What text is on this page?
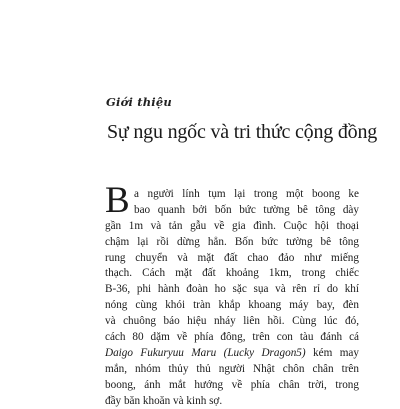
Giới thiệu
Sự ngu ngốc và tri thức cộng đồng
B a người lính tụm lại trong một boong ke
bao quanh bởi bốn bức tường bê tông dày
gần 1m và tản gẫu về gia đình. Cuộc hội thoại
chậm lại rồi dừng hẳn. Bốn bức tường bê tông
rung chuyển và mặt đất chao đảo như miếng
thạch. Cách mặt đất khoảng 1km, trong chiếc
B-36, phi hành đoàn ho sặc sụa và rên rỉ do khí
nóng cùng khói tràn khắp khoang máy bay, đèn
và chuông báo hiệu nháy liên hồi. Cùng lúc đó,
cách 80 dặm về phía đông, trên con tàu đánh cá
Daigo Fukuryuu Maru (Lucky Dragon5) kém may
mắn, nhóm thủy thủ người Nhật chôn chân trên
boong, ánh mắt hướng về phía chân trời, trong
đầy băn khoăn và kinh sợ.
